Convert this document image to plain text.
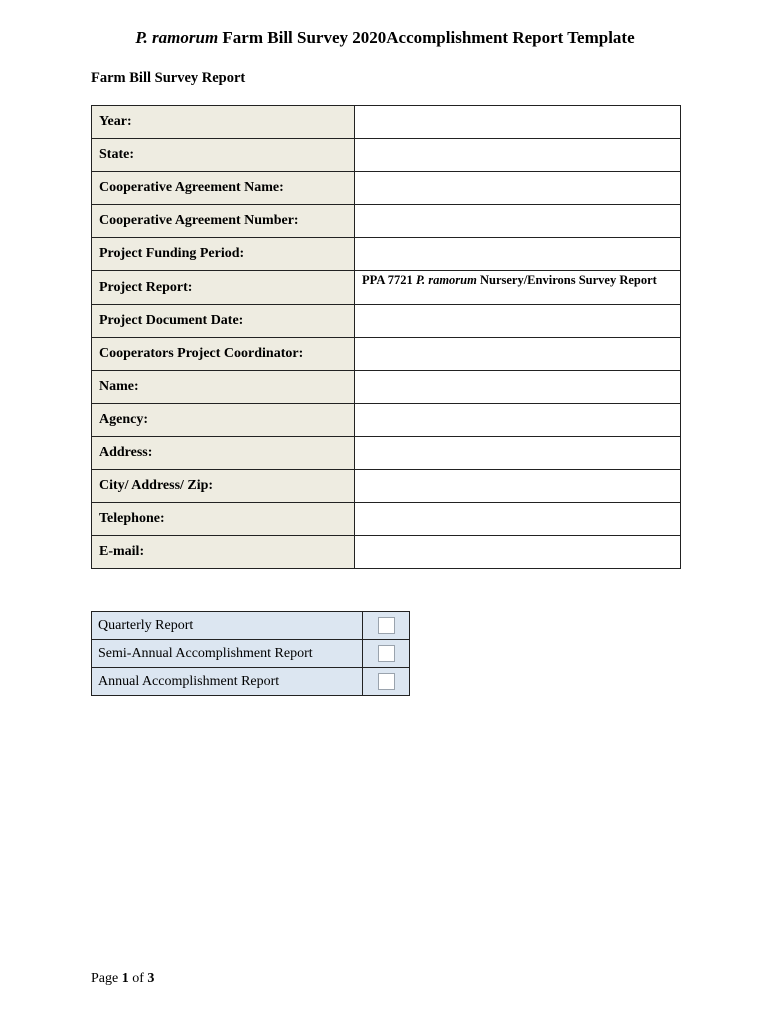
P. ramorum Farm Bill Survey 2020Accomplishment Report Template
Farm Bill Survey Report
Year:	
State:	
Cooperative Agreement Name:	
Cooperative Agreement Number:	
Project Funding Period:	
Project Report:	PPA 7721 P. ramorum Nursery/Environs Survey Report
Project Document Date:	
Cooperators Project Coordinator:	
Name:	
Agency:	
Address:	
City/ Address/ Zip:	
Telephone:	
E-mail:	
Quarterly Report	
Semi-Annual Accomplishment Report	
Annual Accomplishment Report	
Page 1 of 3
